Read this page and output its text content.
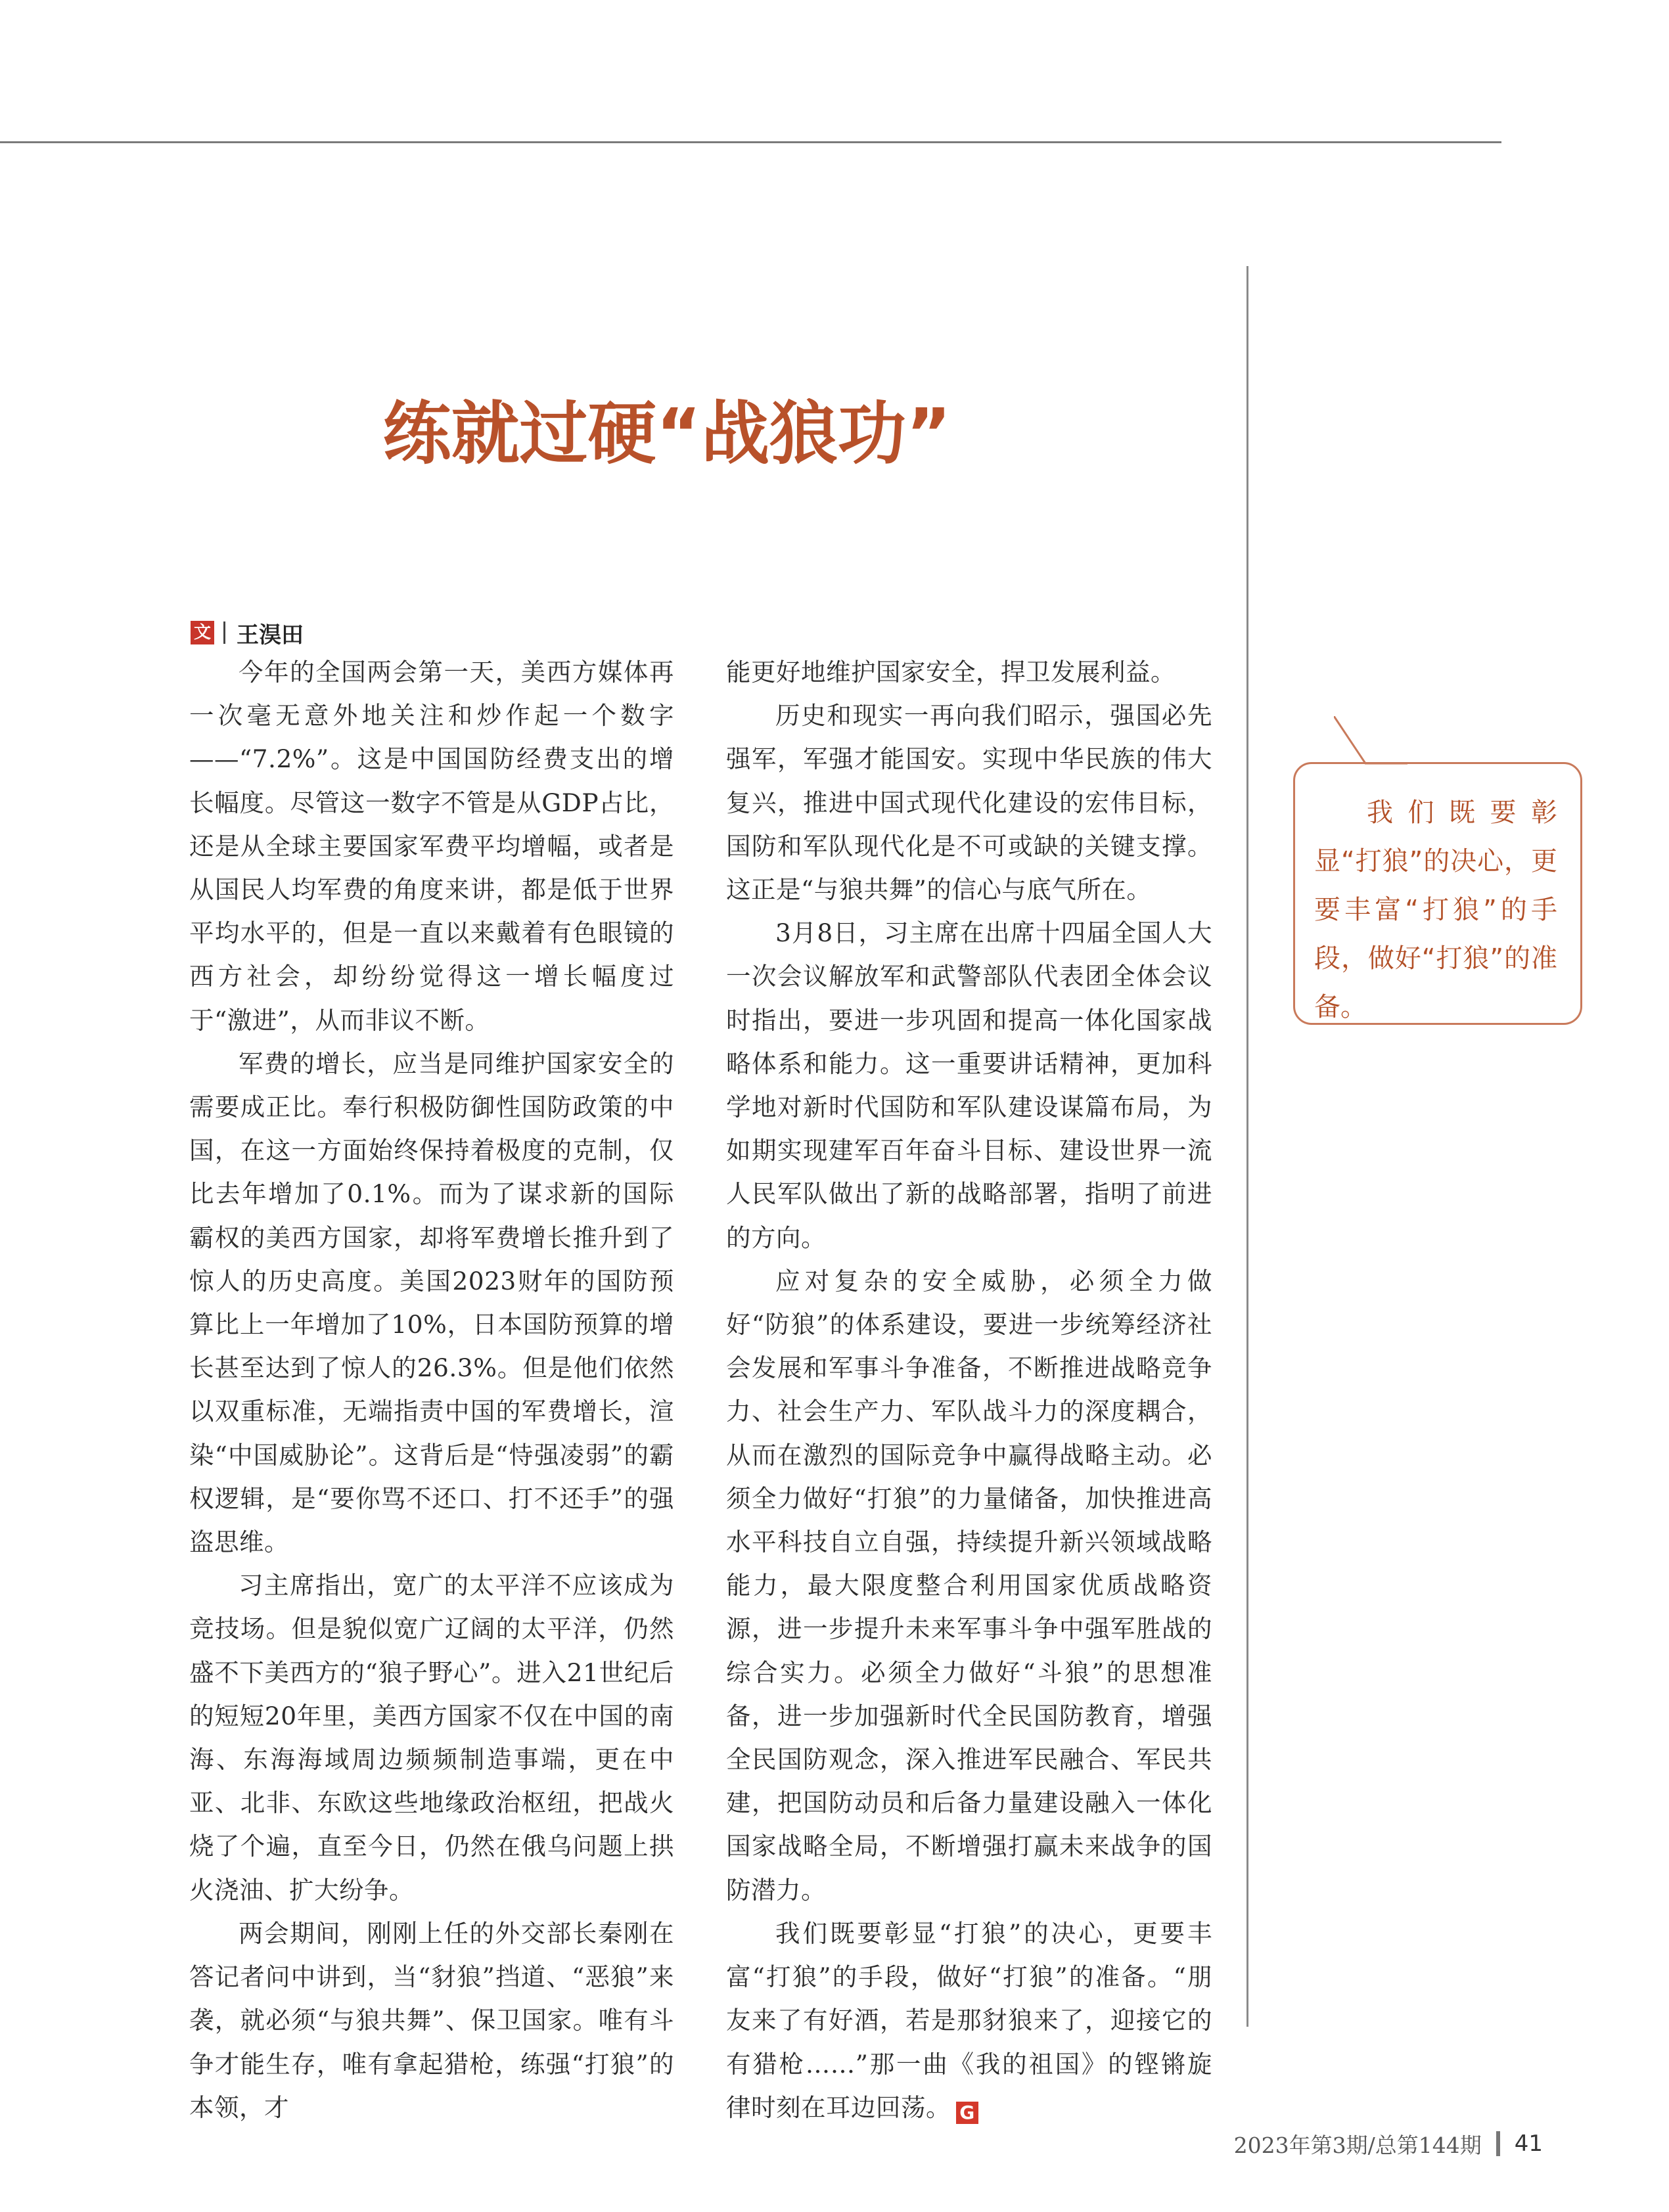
练就过硬“战狼功”
文 王淏田

今年的全国两会第一天，美西方媒体再一次毫无意外地关注和炒作起一个数字——“7.2%”。这是中国国防经费支出的增长幅度。尽管这一数字不管是从GDP占比，还是从全球主要国家军费平均增幅，或者是从国民人均军费的角度来讲，都是低于世界平均水平的，但是一直以来戴着有色眼镜的西方社会，却纷纷觉得这一增长幅度过于“激进”，从而非议不断。

军费的增长，应当是同维护国家安全的需要成正比。奉行积极防御性国防政策的中国，在这一方面始终保持着极度的克制，仅比去年增加了0.1%。而为了谋求新的国际霸权的美西方国家，却将军费增长推升到了惊人的历史高度。美国2023财年的国防预算比上一年增加了10%，日本国防预算的增长甚至达到了惊人的26.3%。但是他们依然以双重标准，无端指责中国的军费增长，渲染“中国威胁论”。这背后是“恃强凌弱”的霸权逻辑，是“要你骂不还口、打不还手”的强盗思维。

习主席指出，宽广的太平洋不应该成为竞技场。但是貌似宽广辽阔的太平洋，仍然盛不下美西方的“狼子野心”。进入21世纪后的短短20年里，美西方国家不仅在中国的南海、东海海域周边频频制造事端，更在中亚、北非、东欧这些地缘政治枢纽，把战火烧了个遍，直至今日，仍然在俄乌问题上拱火浇油、扩大纷争。

两会期间，刚刚上任的外交部长秦刚在答记者问中讲到，当“豺狼”挡道、“恶狼”来袭，就必须“与狼共舞”、保卫国家。唯有斗争才能生存，唯有拿起猎枪，练强“打狼”的本领，才

能更好地维护国家安全，捍卫发展利益。

历史和现实一再向我们昭示，强国必先强军，军强才能国安。实现中华民族的伟大复兴，推进中国式现代化建设的宏伟目标，国防和军队现代化是不可或缺的关键支撑。这正是“与狼共舞”的信心与底气所在。

3月8日，习主席在出席十四届全国人大一次会议解放军和武警部队代表团全体会议时指出，要进一步巩固和提高一体化国家战略体系和能力。这一重要讲话精神，更加科学地对新时代国防和军队建设谋篇布局，为如期实现建军百年奋斗目标、建设世界一流人民军队做出了新的战略部署，指明了前进的方向。

应对复杂的安全威胁，必须全力做好“防狼”的体系建设，要进一步统筹经济社会发展和军事斗争准备，不断推进战略竞争力、社会生产力、军队战斗力的深度耦合，从而在激烈的国际竞争中赢得战略主动。必须全力做好“打狼”的力量储备，加快推进高水平科技自立自强，持续提升新兴领域战略能力，最大限度整合利用国家优质战略资源，进一步提升未来军事斗争中强军胜战的综合实力。必须全力做好“斗狼”的思想准备，进一步加强新时代全民国防教育，增强全民国防观念，深入推进军民融合、军民共建，把国防动员和后备力量建设融入一体化国家战略全局，不断增强打赢未来战争的国防潜力。

我们既要彰显“打狼”的决心，更要丰富“打狼”的手段，做好“打狼”的准备。“朋友来了有好酒，若是那豺狼来了，迎接它的有猎枪……”那一曲《我的祖国》的铿锵旋律时刻在耳边回荡。 G

我们既要彰显“打狼”的决心，更要丰富“打狼”的手段，做好“打狼”的准备。

2023年第3期/总第144期 41
